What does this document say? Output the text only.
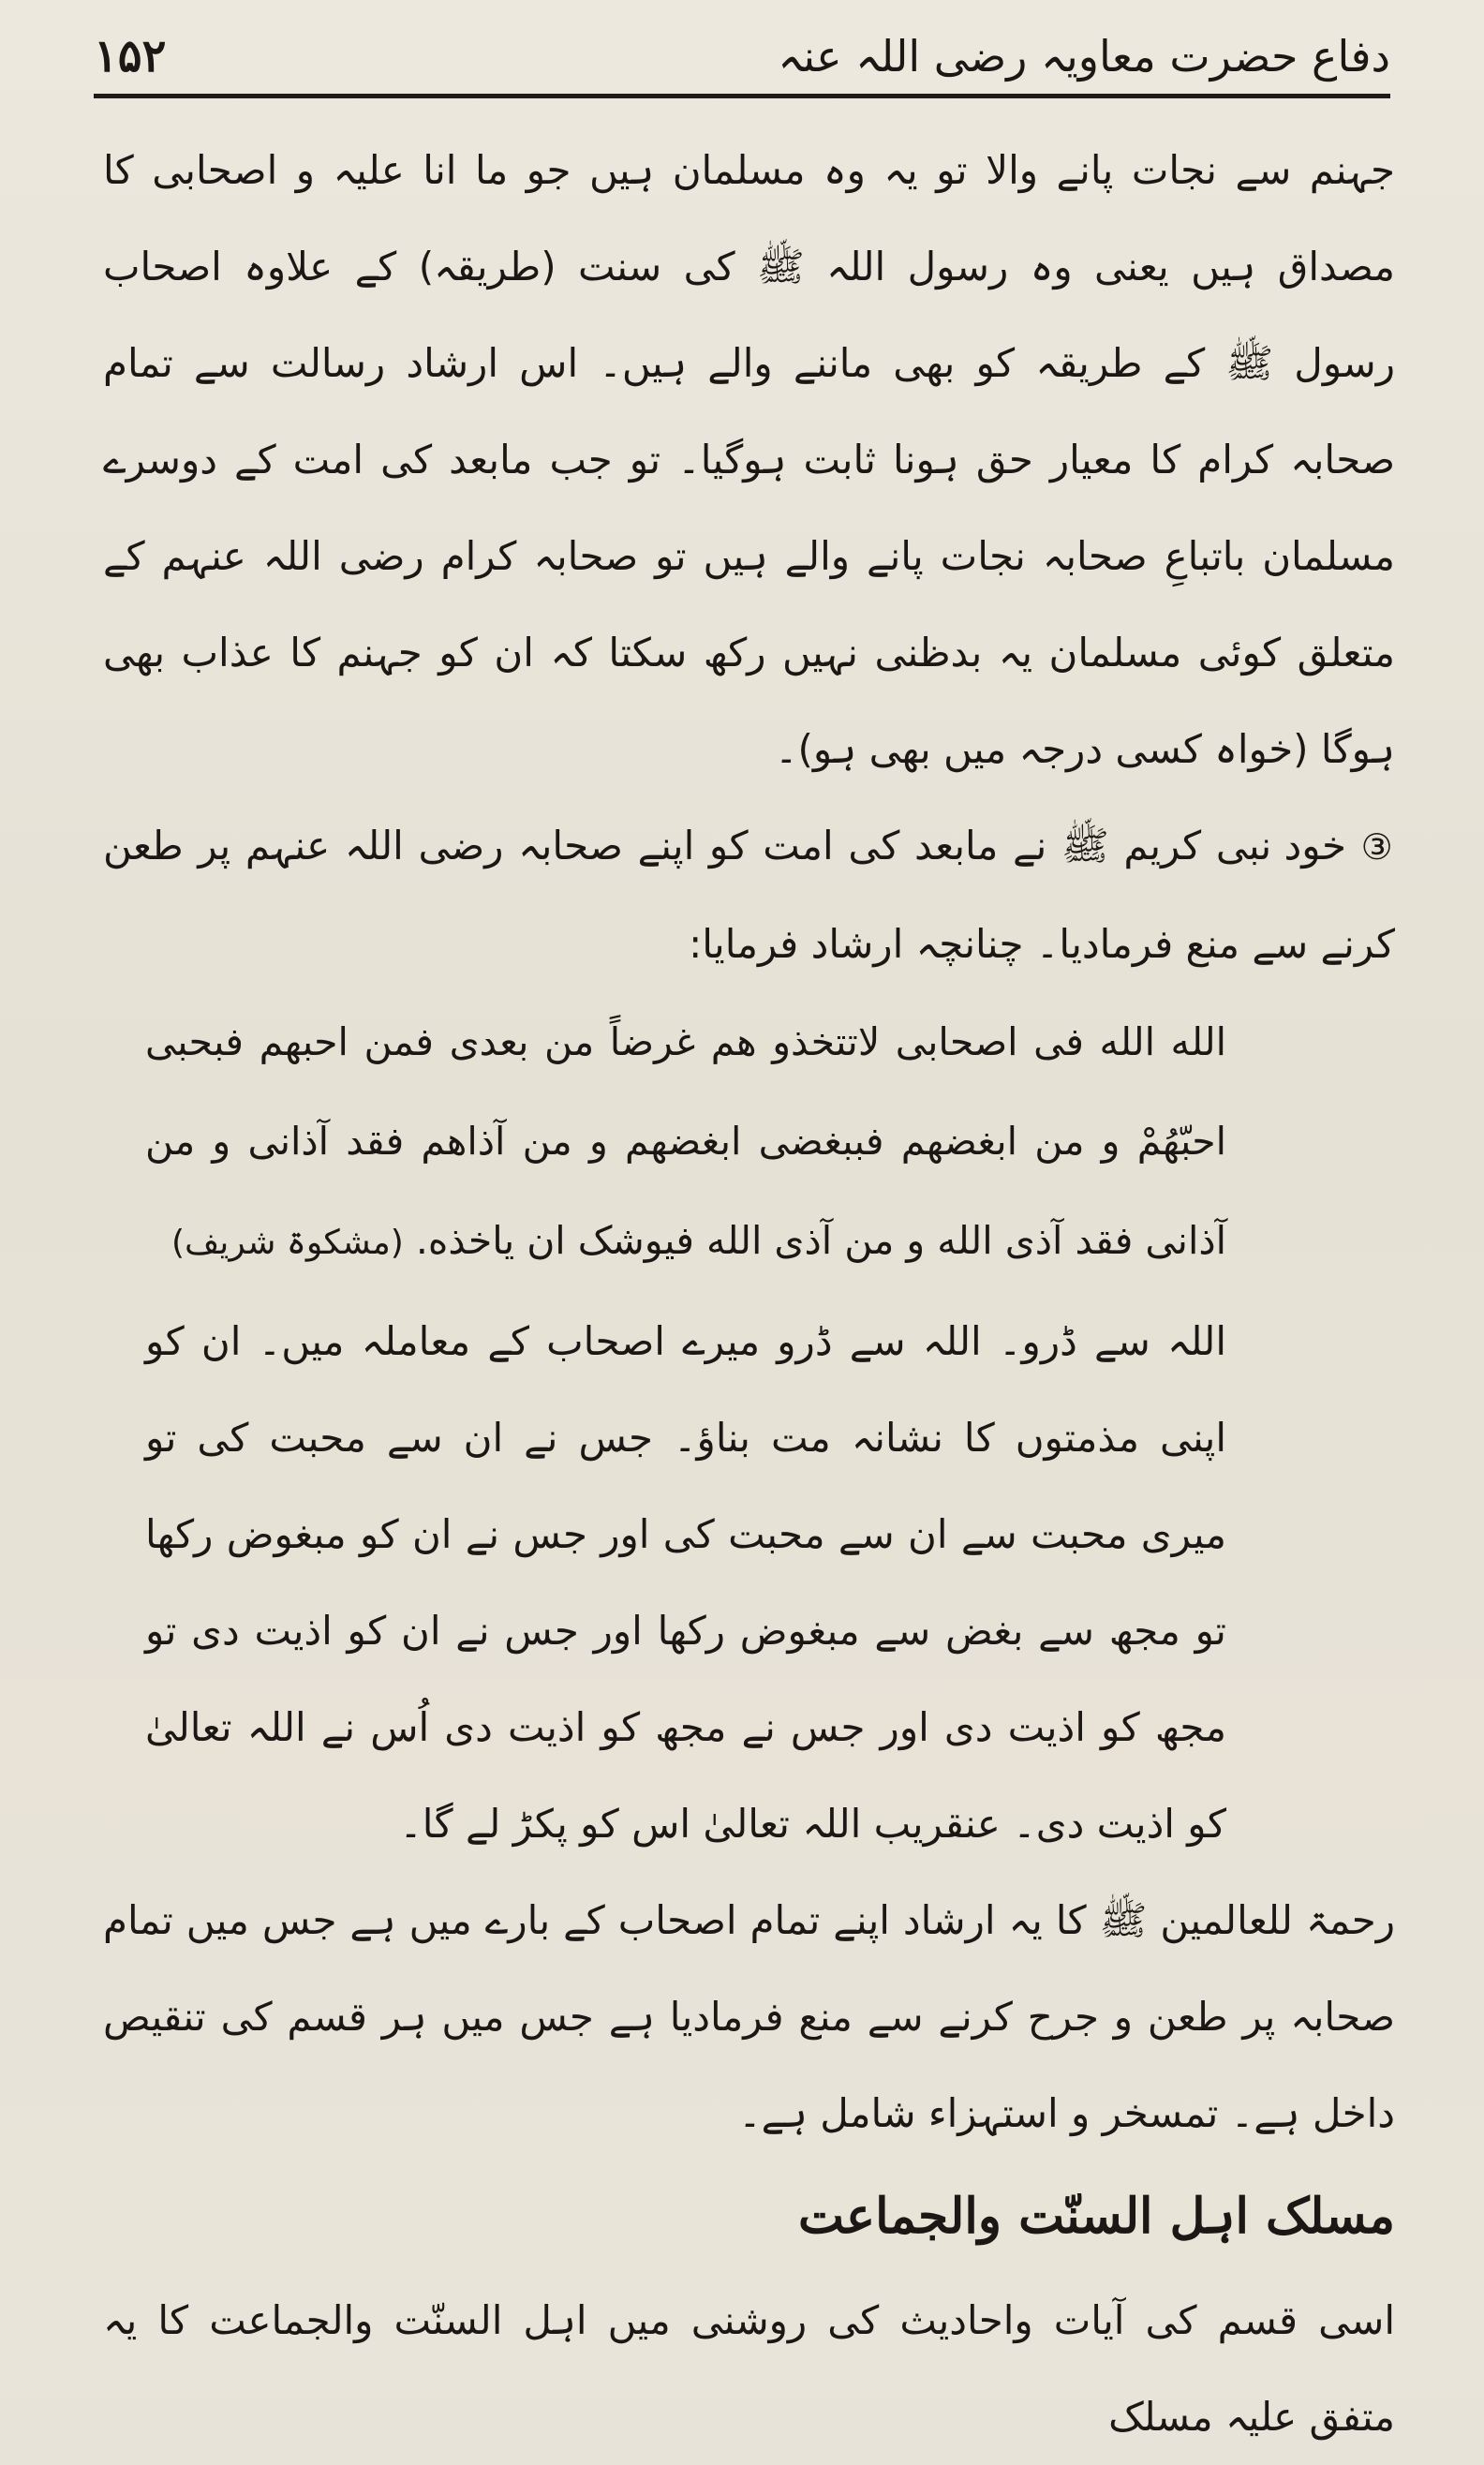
دفاع حضرت معاویہ رضی اللہ عنہ
۱۵۲

جہنم سے نجات پانے والا تو یہ وہ مسلمان ہیں جو ما انا علیہ و اصحابی کا مصداق ہیں یعنی وہ رسول اللہ ﷺ کی سنت (طریقہ) کے علاوہ اصحاب رسول ﷺ کے طریقہ کو بھی ماننے والے ہیں۔ اس ارشاد رسالت سے تمام صحابہ کرام کا معیار حق ہونا ثابت ہوگیا۔ تو جب مابعد کی امت کے دوسرے مسلمان باتباعِ صحابہ نجات پانے والے ہیں تو صحابہ کرام رضی اللہ عنہم کے متعلق کوئی مسلمان یہ بدظنی نہیں رکھ سکتا کہ ان کو جہنم کا عذاب بھی ہوگا (خواہ کسی درجہ میں بھی ہو)۔

③ خود نبی کریم ﷺ نے مابعد کی امت کو اپنے صحابہ رضی اللہ عنہم پر طعن کرنے سے منع فرمادیا۔ چنانچہ ارشاد فرمایا:

الله الله فی اصحابی لاتتخذو هم غرضاً من بعدی فمن احبهم فبحبی احبّهُمْ و من ابغضهم فببغضی ابغضهم و من آذاهم فقد آذانی و من آذانی فقد آذی الله و من آذی الله فیوشک ان یاخذه. (مشکوۃ شریف)

اللہ سے ڈرو۔ اللہ سے ڈرو میرے اصحاب کے معاملہ میں۔ ان کو اپنی مذمتوں کا نشانہ مت بناؤ۔ جس نے ان سے محبت کی تو میری محبت سے ان سے محبت کی اور جس نے ان کو مبغوض رکھا تو مجھ سے بغض سے مبغوض رکھا اور جس نے ان کو اذیت دی تو مجھ کو اذیت دی اور جس نے مجھ کو اذیت دی اُس نے اللہ تعالیٰ کو اذیت دی۔ عنقریب اللہ تعالیٰ اس کو پکڑ لے گا۔

رحمۃ للعالمین ﷺ کا یہ ارشاد اپنے تمام اصحاب کے بارے میں ہے جس میں تمام صحابہ پر طعن و جرح کرنے سے منع فرمادیا ہے جس میں ہر قسم کی تنقیص داخل ہے۔ تمسخر و استہزاء شامل ہے۔

مسلک اہل السنّت والجماعت

اسی قسم کی آیات واحادیث کی روشنی میں اہل السنّت والجماعت کا یہ متفق علیہ مسلک
